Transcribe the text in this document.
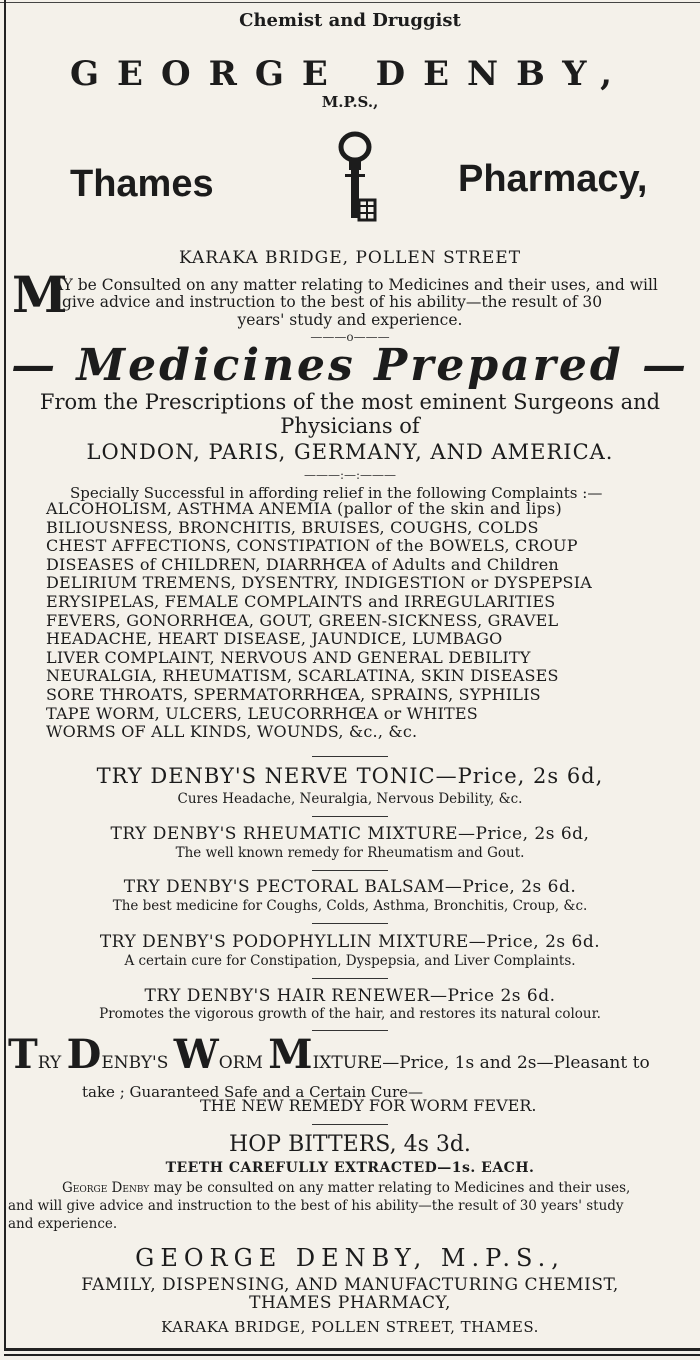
Chemist and Druggist
GEORGE DENBY,
M.P.S.,
Thames	Pharmacy,
KARAKA BRIDGE, POLLEN STREET
M
AY be Consulted on any matter relating to Medicines and their uses, and will
give advice and instruction to the best of his ability—the result of 30
years' study and experience.
———o———
— Medicines Prepared —
From the Prescriptions of the most eminent Surgeons and
Physicians of
LONDON, PARIS, GERMANY, AND AMERICA.
———:—:———
Specially Successful in affording relief in the following Complaints :—
ALCOHOLISM, ASTHMA ANEMIA (pallor of the skin and lips)
BILIOUSNESS, BRONCHITIS, BRUISES, COUGHS, COLDS
CHEST AFFECTIONS, CONSTIPATION of the BOWELS, CROUP
DISEASES of CHILDREN, DIARRHŒA of Adults and Children
DELIRIUM TREMENS, DYSENTRY, INDIGESTION or DYSPEPSIA
ERYSIPELAS, FEMALE COMPLAINTS and IRREGULARITIES
FEVERS, GONORRHŒA, GOUT, GREEN-SICKNESS, GRAVEL
HEADACHE, HEART DISEASE, JAUNDICE, LUMBAGO
LIVER COMPLAINT, NERVOUS AND GENERAL DEBILITY
NEURALGIA, RHEUMATISM, SCARLATINA, SKIN DISEASES
SORE THROATS, SPERMATORRHŒA, SPRAINS, SYPHILIS
TAPE WORM, ULCERS, LEUCORRHŒA or WHITES
WORMS OF ALL KINDS, WOUNDS, &c., &c.
TRY DENBY'S NERVE TONIC—Price, 2s 6d,
Cures Headache, Neuralgia, Nervous Debility, &c.
TRY DENBY'S RHEUMATIC MIXTURE—Price, 2s 6d,
The well known remedy for Rheumatism and Gout.
TRY DENBY'S PECTORAL BALSAM—Price, 2s 6d.
The best medicine for Coughs, Colds, Asthma, Bronchitis, Croup, &c.
TRY DENBY'S PODOPHYLLIN MIXTURE—Price, 2s 6d.
A certain cure for Constipation, Dyspepsia, and Liver Complaints.
TRY DENBY'S HAIR RENEWER—Price 2s 6d.
Promotes the vigorous growth of the hair, and restores its natural colour.
TRY DENBY'S WORM MIXTURE—Price, 1s and 2s—Pleasant to
take ; Guaranteed Safe and a Certain Cure—
THE NEW REMEDY FOR WORM FEVER.
HOP BITTERS, 4s 3d.
TEETH CAREFULLY EXTRACTED—1s. EACH.
George Denby may be consulted on any matter relating to Medicines and their uses,
and will give advice and instruction to the best of his ability—the result of 30 years' study
and experience.
GEORGE DENBY, M.P.S.,
FAMILY, DISPENSING, AND MANUFACTURING CHEMIST,
THAMES PHARMACY,
KARAKA BRIDGE, POLLEN STREET, THAMES.
